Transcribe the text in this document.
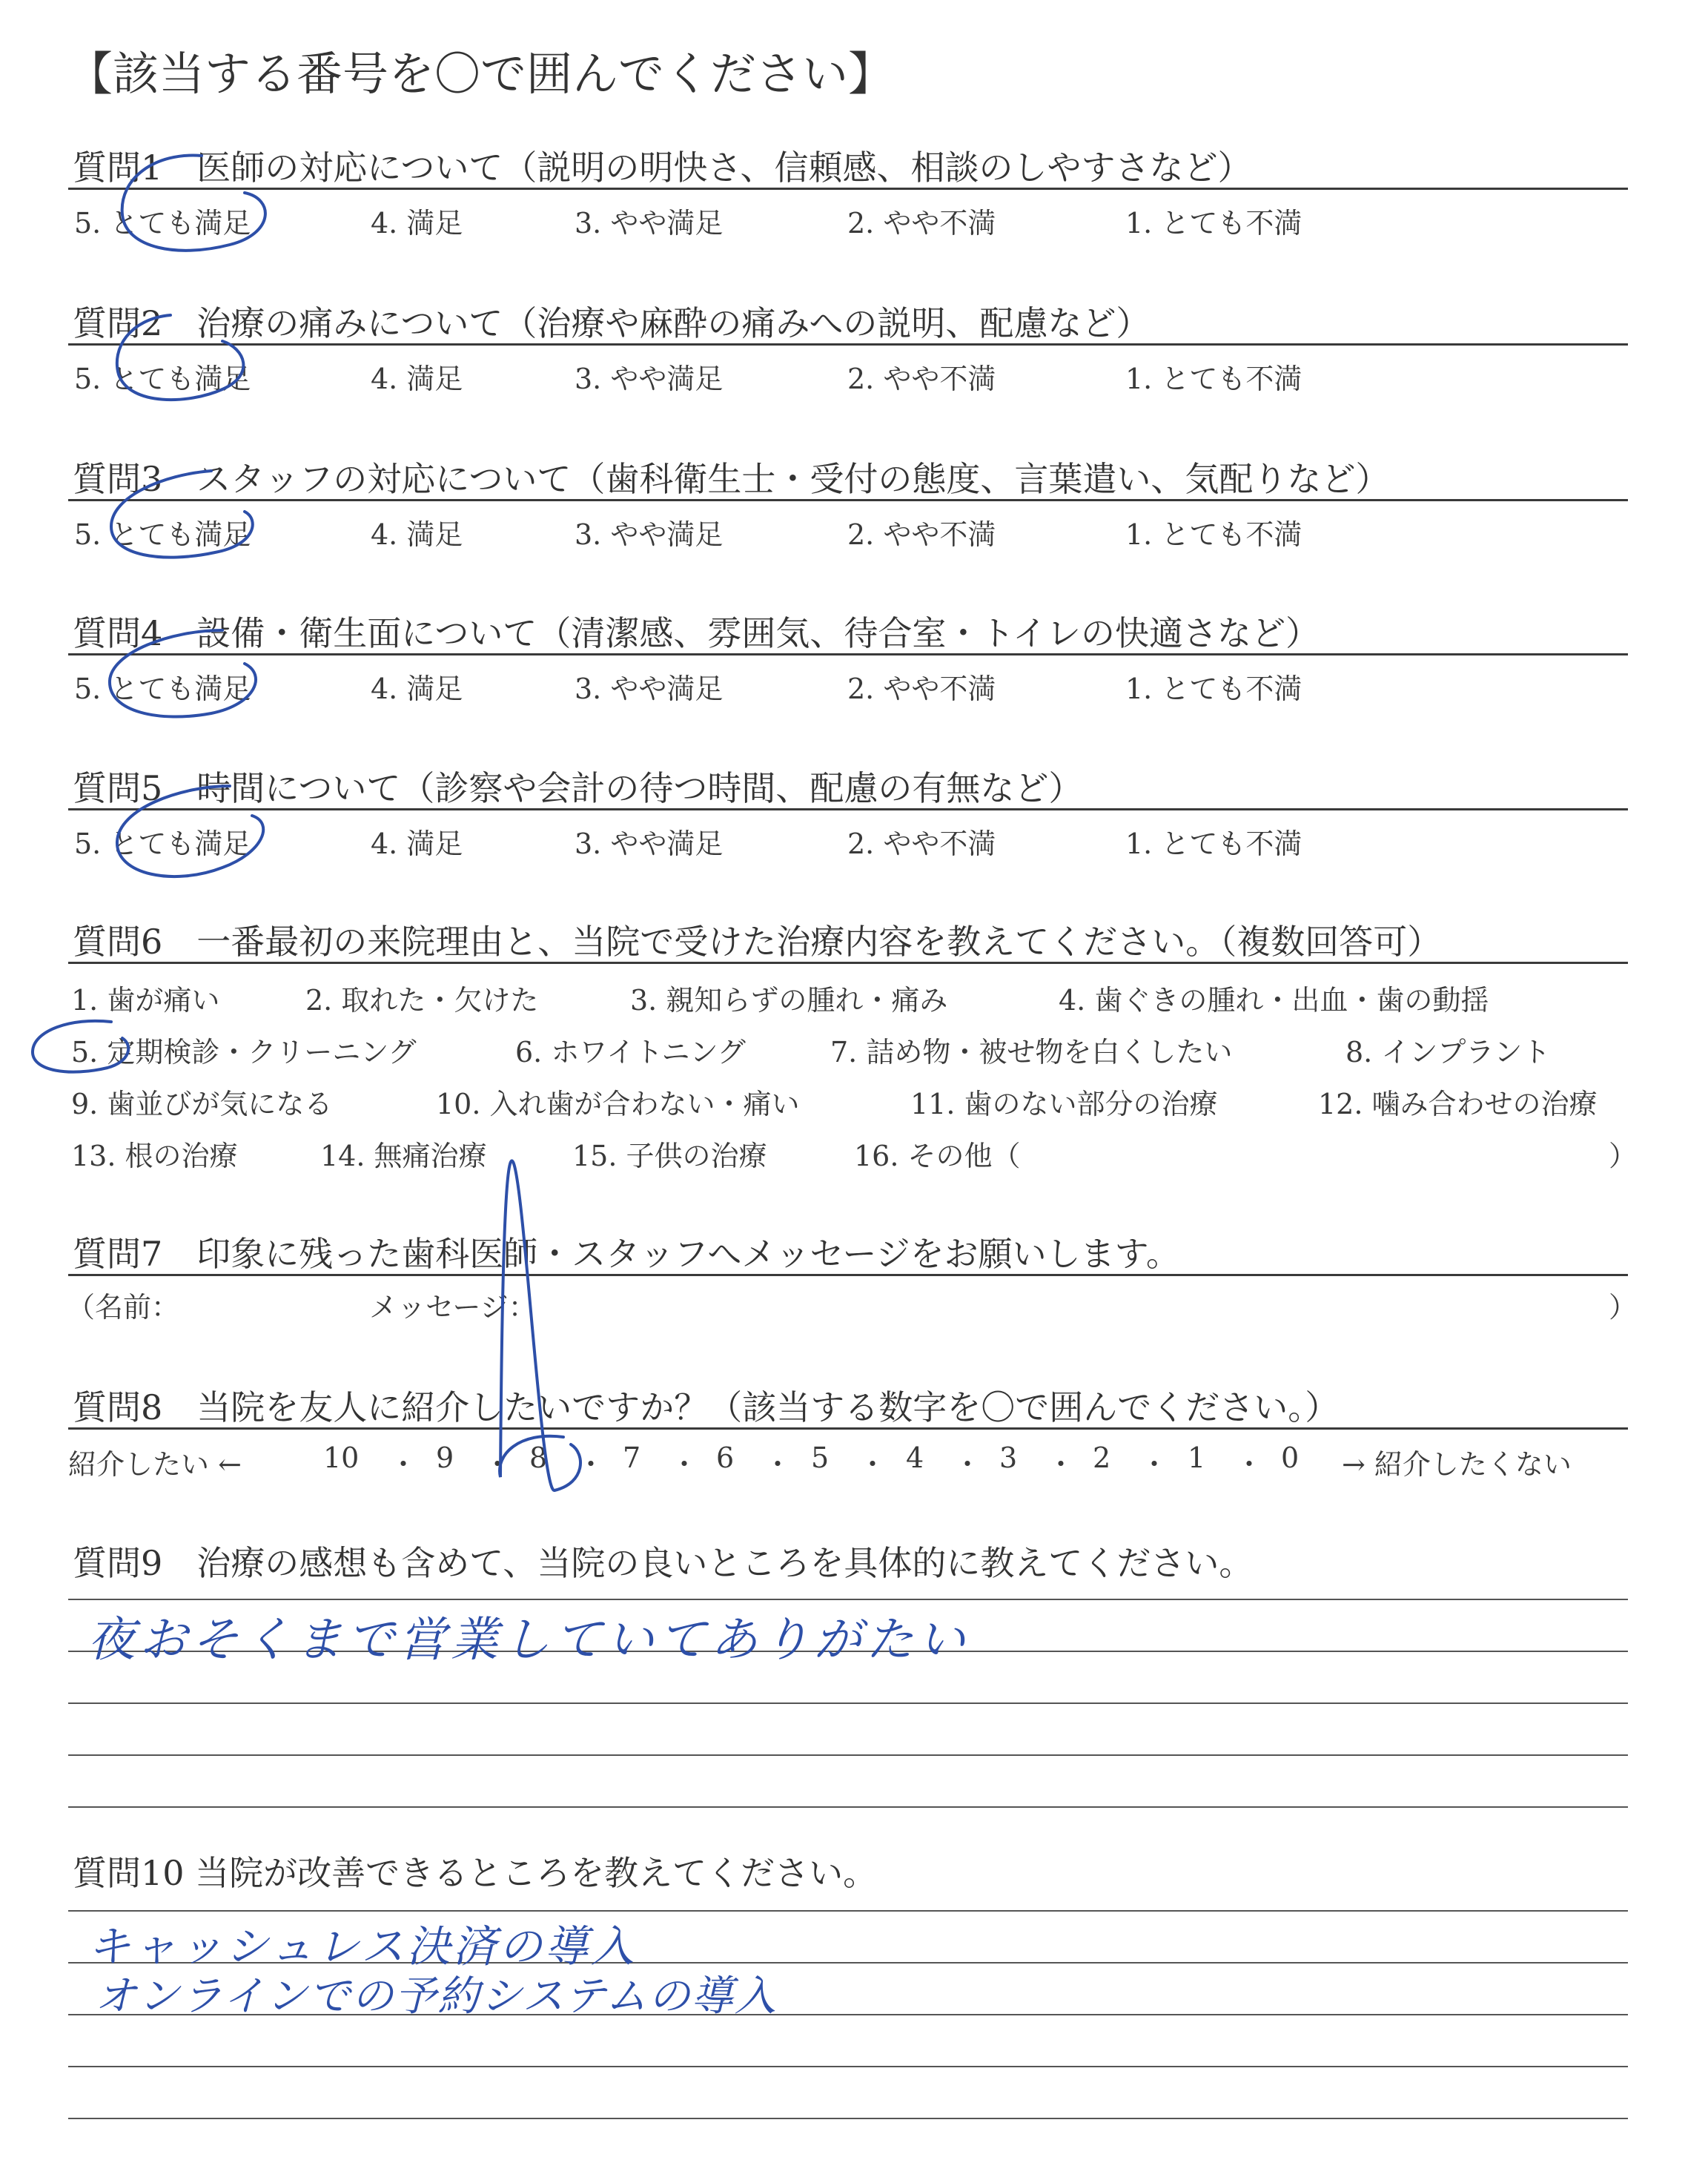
【該当する番号を〇で囲んでください】
質問1　医師の対応について（説明の明快さ、信頼感、相談のしやすさなど）
5. とても満足	4. 満足	3. やや満足	2. やや不満	1. とても不満
質問2　治療の痛みについて（治療や麻酔の痛みへの説明、配慮など）
5. とても満足	4. 満足	3. やや満足	2. やや不満	1. とても不満
質問3　スタッフの対応について（歯科衛生士・受付の態度、言葉遣い、気配りなど）
5. とても満足	4. 満足	3. やや満足	2. やや不満	1. とても不満
質問4　設備・衛生面について（清潔感、雰囲気、待合室・トイレの快適さなど）
5. とても満足	4. 満足	3. やや満足	2. やや不満	1. とても不満
質問5　時間について（診察や会計の待つ時間、配慮の有無など）
5. とても満足	4. 満足	3. やや満足	2. やや不満	1. とても不満
質問6　一番最初の来院理由と、当院で受けた治療内容を教えてください。（複数回答可）
1. 歯が痛い	2. 取れた・欠けた	3. 親知らずの腫れ・痛み	4. 歯ぐきの腫れ・出血・歯の動揺
5. 定期検診・クリーニング	6. ホワイトニング	7. 詰め物・被せ物を白くしたい	8. インプラント
9. 歯並びが気になる	10. 入れ歯が合わない・痛い	11. 歯のない部分の治療	12. 噛み合わせの治療
13. 根の治療	14. 無痛治療	15. 子供の治療	16. その他（	）
質問7　印象に残った歯科医師・スタッフへメッセージをお願いします。
（名前：	メッセージ：	）
質問8　当院を友人に紹介したいですか？（該当する数字を〇で囲んでください。）
紹介したい ←	10 ・ 9 ・ 8 ・ 7 ・ 6 ・ 5 ・ 4 ・ 3 ・ 2 ・ 1 ・ 0 → 紹介したくない
質問9　治療の感想も含めて、当院の良いところを具体的に教えてください。
夜おそくまで営業していてありがたい
質問10 当院が改善できるところを教えてください。
キャッシュレス決済の導入
オンラインでの予約システムの導入
